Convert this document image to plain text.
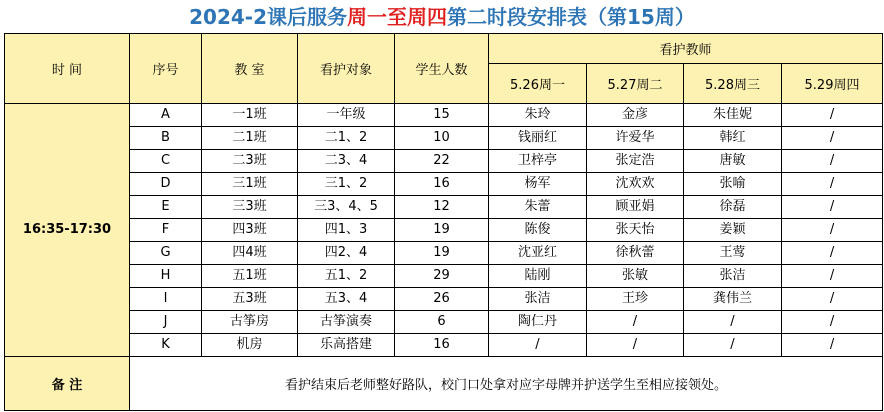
2024-2课后服务周一至周四第二时段安排表（第15周）
时 间	序号	教 室	看护对象	学生人数	看护教师			
					5.26周一	5.27周二	5.28周三	5.29周四
16:35-17:30	A	一1班	一年级	15	朱玲	金彦	朱佳妮	/
	B	二1班	二1、2	10	钱丽红	许爱华	韩红	/
	C	二3班	二3、4	22	卫梓亭	张定浩	唐敏	/
	D	三1班	三1、2	16	杨军	沈欢欢	张喻	/
	E	三3班	三3、4、5	12	朱蕾	顾亚娟	徐磊	/
	F	四3班	四1、3	19	陈俊	张天怡	姜颖	/
	G	四4班	四2、4	19	沈亚红	徐秋蕾	王莺	/
	H	五1班	五1、2	29	陆刚	张敏	张洁	/
	I	五3班	五3、4	26	张洁	王珍	龚伟兰	/
	J	古筝房	古筝演奏	6	陶仁丹	/	/	/
	K	机房	乐高搭建	16	/	/	/	/
备 注	看护结束后老师整好路队，校门口处拿对应字母牌并护送学生至相应接领处。							
